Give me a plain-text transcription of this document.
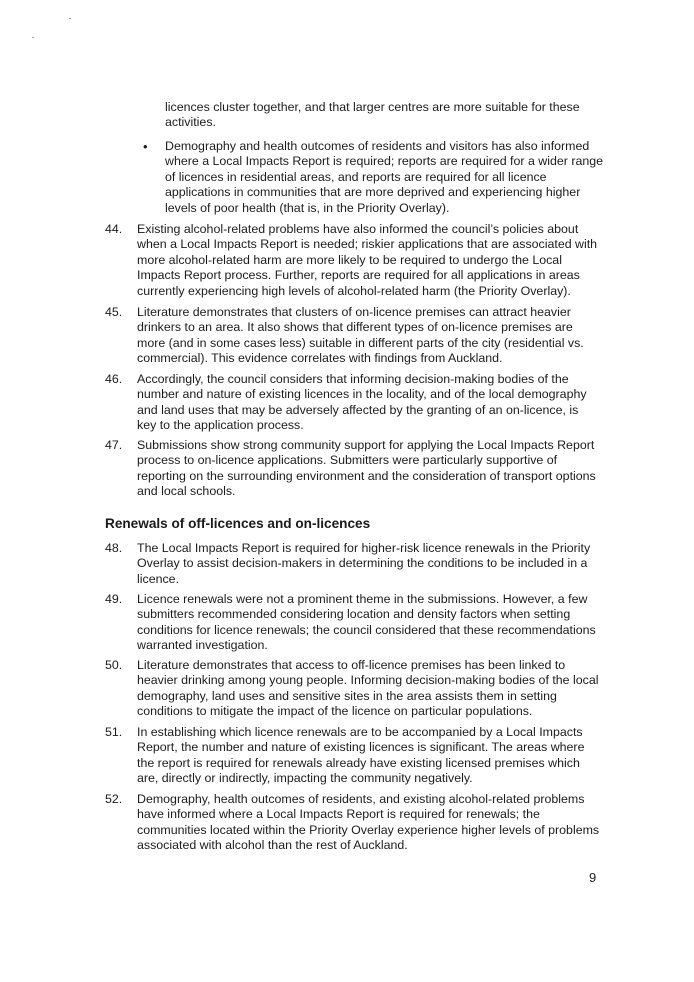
licences cluster together, and that larger centres are more suitable for these activities.
• Demography and health outcomes of residents and visitors has also informed where a Local Impacts Report is required; reports are required for a wider range of licences in residential areas, and reports are required for all licence applications in communities that are more deprived and experiencing higher levels of poor health (that is, in the Priority Overlay).
44.	Existing alcohol-related problems have also informed the council’s policies about when a Local Impacts Report is needed; riskier applications that are associated with more alcohol-related harm are more likely to be required to undergo the Local Impacts Report process. Further, reports are required for all applications in areas currently experiencing high levels of alcohol-related harm (the Priority Overlay).
45.	Literature demonstrates that clusters of on-licence premises can attract heavier drinkers to an area. It also shows that different types of on-licence premises are more (and in some cases less) suitable in different parts of the city (residential vs. commercial). This evidence correlates with findings from Auckland.
46.	Accordingly, the council considers that informing decision-making bodies of the number and nature of existing licences in the locality, and of the local demography and land uses that may be adversely affected by the granting of an on-licence, is key to the application process.
47.	Submissions show strong community support for applying the Local Impacts Report process to on-licence applications. Submitters were particularly supportive of reporting on the surrounding environment and the consideration of transport options and local schools.
Renewals of off-licences and on-licences
48.	The Local Impacts Report is required for higher-risk licence renewals in the Priority Overlay to assist decision-makers in determining the conditions to be included in a licence.
49.	Licence renewals were not a prominent theme in the submissions. However, a few submitters recommended considering location and density factors when setting conditions for licence renewals; the council considered that these recommendations warranted investigation.
50.	Literature demonstrates that access to off-licence premises has been linked to heavier drinking among young people. Informing decision-making bodies of the local demography, land uses and sensitive sites in the area assists them in setting conditions to mitigate the impact of the licence on particular populations.
51.	In establishing which licence renewals are to be accompanied by a Local Impacts Report, the number and nature of existing licences is significant. The areas where the report is required for renewals already have existing licensed premises which are, directly or indirectly, impacting the community negatively.
52.	Demography, health outcomes of residents, and existing alcohol-related problems have informed where a Local Impacts Report is required for renewals; the communities located within the Priority Overlay experience higher levels of problems associated with alcohol than the rest of Auckland.
9
